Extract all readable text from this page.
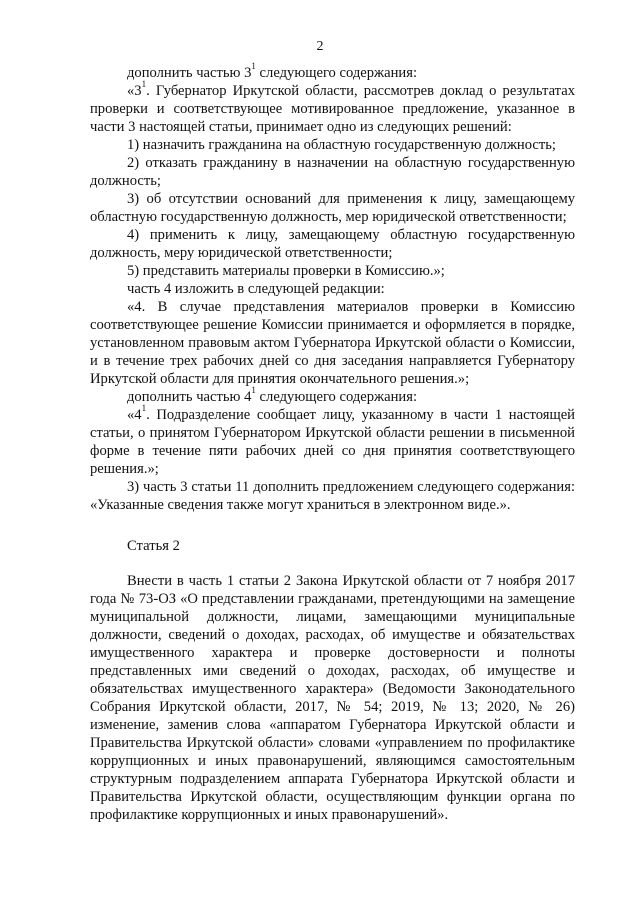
2

дополнить частью $3^1$ следующего содержания:

«$3^1$. Губернатор Иркутской области, рассмотрев доклад о результатах проверки и соответствующее мотивированное предложение, указанное в части 3 настоящей статьи, принимает одно из следующих решений:

1) назначить гражданина на областную государственную должность;

2) отказать гражданину в назначении на областную государственную должность;

3) об отсутствии оснований для применения к лицу, замещающему областную государственную должность, мер юридической ответственности;

4) применить к лицу, замещающему областную государственную должность, меру юридической ответственности;

5) представить материалы проверки в Комиссию.»;

часть 4 изложить в следующей редакции:

«4. В случае представления материалов проверки в Комиссию соответствующее решение Комиссии принимается и оформляется в порядке, установленном правовым актом Губернатора Иркутской области о Комиссии, и в течение трех рабочих дней со дня заседания направляется Губернатору Иркутской области для принятия окончательного решения.»;

дополнить частью $4^1$ следующего содержания:

«$4^1$. Подразделение сообщает лицу, указанному в части 1 настоящей статьи, о принятом Губернатором Иркутской области решении в письменной форме в течение пяти рабочих дней со дня принятия соответствующего решения.»;

3) часть 3 статьи 11 дополнить предложением следующего содержания: «Указанные сведения также могут храниться в электронном виде.».

Статья 2

Внести в часть 1 статьи 2 Закона Иркутской области от 7 ноября 2017 года № 73-ОЗ «О представлении гражданами, претендующими на замещение муниципальной должности, лицами, замещающими муниципальные должности, сведений о доходах, расходах, об имуществе и обязательствах имущественного характера и проверке достоверности и полноты представленных ими сведений о доходах, расходах, об имуществе и обязательствах имущественного характера» (Ведомости Законодательного Собрания Иркутской области, 2017, № 54; 2019, № 13; 2020, № 26) изменение, заменив слова «аппаратом Губернатора Иркутской области и Правительства Иркутской области» словами «управлением по профилактике коррупционных и иных правонарушений, являющимся самостоятельным структурным подразделением аппарата Губернатора Иркутской области и Правительства Иркутской области, осуществляющим функции органа по профилактике коррупционных и иных правонарушений».
